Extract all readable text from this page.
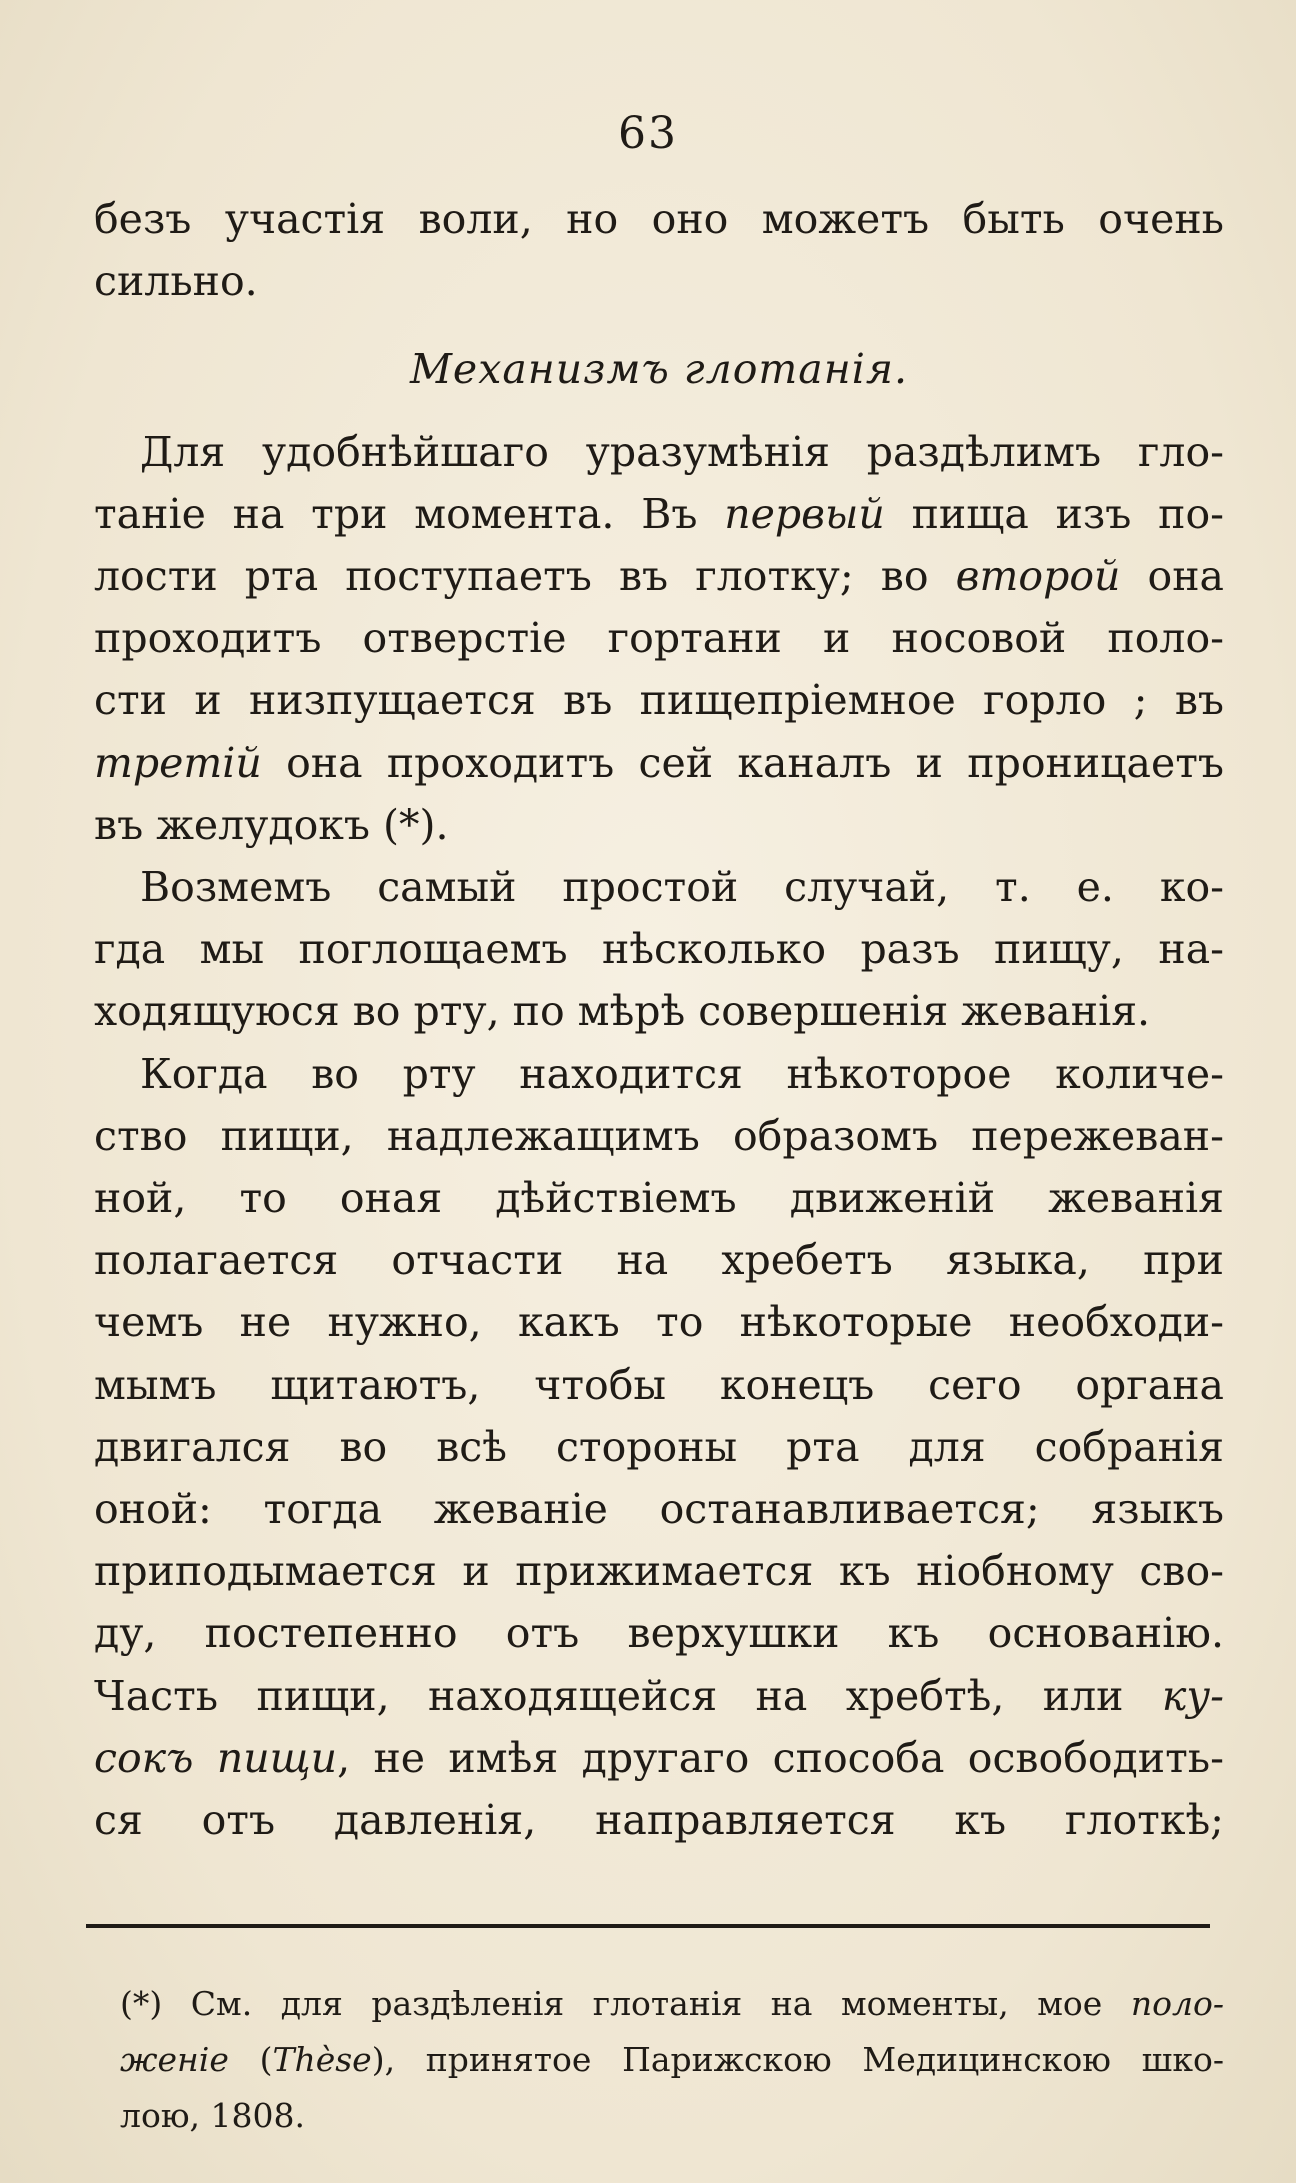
63
безъ участія воли, но оно можетъ быть очень
сильно.
Механизмъ глотанія.
Для удобнѣйшаго уразумѣнія раздѣлимъ гло-
таніе на три момента. Въ первый пища изъ по-
лости рта поступаетъ въ глотку; во второй она
проходитъ отверстіе гортани и носовой поло-
сти и низпущается въ пищепріемное горло ; въ
третій она проходитъ сей каналъ и проницаетъ
въ желудокъ (*).
Возмемъ самый простой случай, т. е. ко-
гда мы поглощаемъ нѣсколько разъ пищу, на-
ходящуюся во рту, по мѣрѣ совершенія жеванія.
Когда во рту находится нѣкоторое количе-
ство пищи, надлежащимъ образомъ пережеван-
ной, то оная дѣйствіемъ движеній жеванія
полагается отчасти на хребетъ языка, при
чемъ не нужно, какъ то нѣкоторые необходи-
мымъ щитаютъ, чтобы конецъ сего органа
двигался во всѣ стороны рта для собранія
оной: тогда жеваніе останавливается; языкъ
приподымается и прижимается къ ніобному сво-
ду, постепенно отъ верхушки къ основанію.
Часть пищи, находящейся на хребтѣ, или ку-
сокъ пищи, не имѣя другаго способа освободить-
ся отъ давленія, направляется къ глоткѣ;
(*) См. для раздѣленія глотанія на моменты, мое поло-
женіе (Thèse), принятое Парижскою Медицинскою шко-
лою, 1808.
